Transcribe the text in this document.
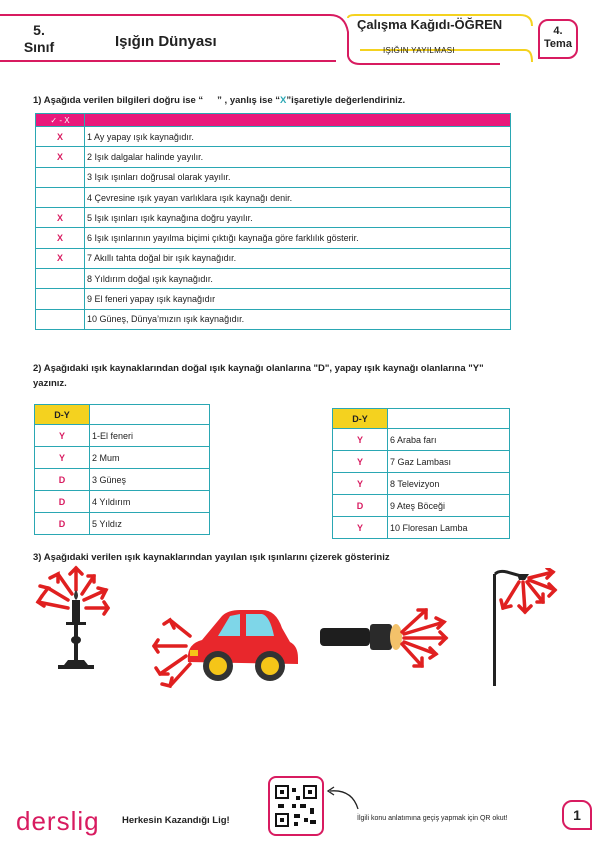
5.
Sınıf	Işığın Dünyası
Çalışma Kağıdı-ÖĞREN
IŞIĞIN YAYILMASI
4.
Tema
1) Aşağıda verilen bilgileri doğru ise “ ” , yanlış ise “X”işaretiyle değerlendiriniz.
✓ - X	
X	1 Ay yapay ışık kaynağıdır.
X	2 Işık dalgalar halinde yayılır.
	3 Işık ışınları doğrusal olarak yayılır.
	4 Çevresine ışık yayan varlıklara ışık kaynağı denir.
X	5 Işık ışınları ışık kaynağına doğru yayılır.
X	6 Işık ışınlarının yayılma biçimi çıktığı kaynağa göre farklılık gösterir.
X	7 Akıllı tahta doğal bir ışık kaynağıdır.
	8 Yıldırım doğal ışık kaynağıdır.
	9 El feneri yapay ışık kaynağıdır
	10 Güneş, Dünya’mızın ışık kaynağıdır.
2) Aşağıdaki ışık kaynaklarından doğal ışık kaynağı olanlarına "D", yapay ışık kaynağı olanlarına "Y"
yazınız.
D-Y	
Y	1-El feneri
Y	2 Mum
D	3 Güneş
D	4 Yıldırım
D	5 Yıldız
D-Y	
Y	6 Araba farı
Y	7 Gaz Lambası
Y	8 Televizyon
D	9 Ateş Böceği
Y	10 Floresan Lamba
3) Aşağıdaki verilen ışık kaynaklarından yayılan ışık ışınlarını çizerek gösteriniz
derslig Herkesin Kazandığı Lig!	İlgili konu anlatımına geçiş yapmak için QR okut!	1
